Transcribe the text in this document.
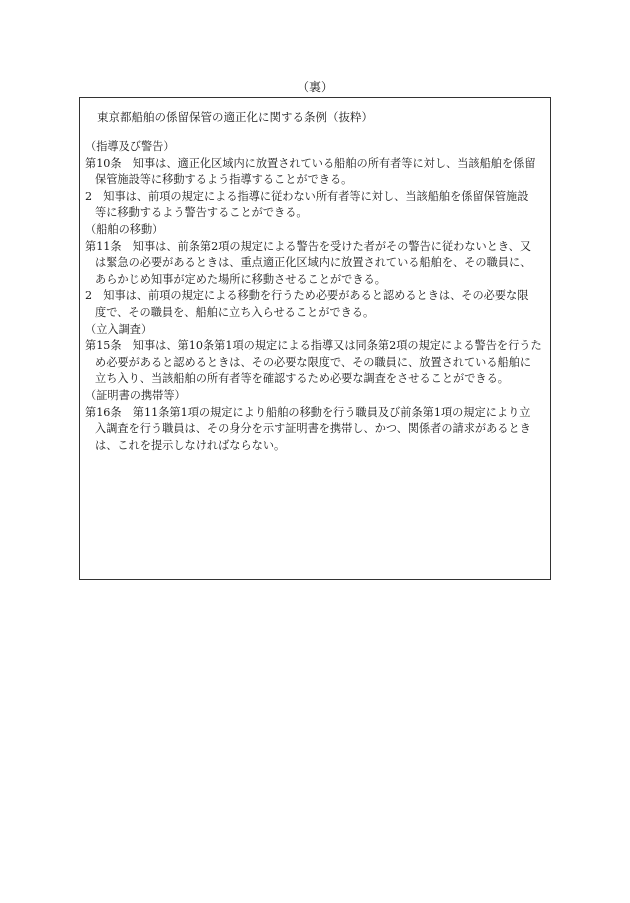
（裏）
東京都船舶の係留保管の適正化に関する条例（抜粋）
（指導及び警告）
第10条　知事は、適正化区域内に放置されている船舶の所有者等に対し、当該船舶を係留
保管施設等に移動するよう指導することができる。
2　知事は、前項の規定による指導に従わない所有者等に対し、当該船舶を係留保管施設
等に移動するよう警告することができる。
（船舶の移動）
第11条　知事は、前条第2項の規定による警告を受けた者がその警告に従わないとき、又
は緊急の必要があるときは、重点適正化区域内に放置されている船舶を、その職員に、
あらかじめ知事が定めた場所に移動させることができる。
2　知事は、前項の規定による移動を行うため必要があると認めるときは、その必要な限
度で、その職員を、船舶に立ち入らせることができる。
（立入調査）
第15条　知事は、第10条第1項の規定による指導又は同条第2項の規定による警告を行うた
め必要があると認めるときは、その必要な限度で、その職員に、放置されている船舶に
立ち入り、当該船舶の所有者等を確認するため必要な調査をさせることができる。
（証明書の携帯等）
第16条　第11条第1項の規定により船舶の移動を行う職員及び前条第1項の規定により立
入調査を行う職員は、その身分を示す証明書を携帯し、かつ、関係者の請求があるとき
は、これを提示しなければならない。
